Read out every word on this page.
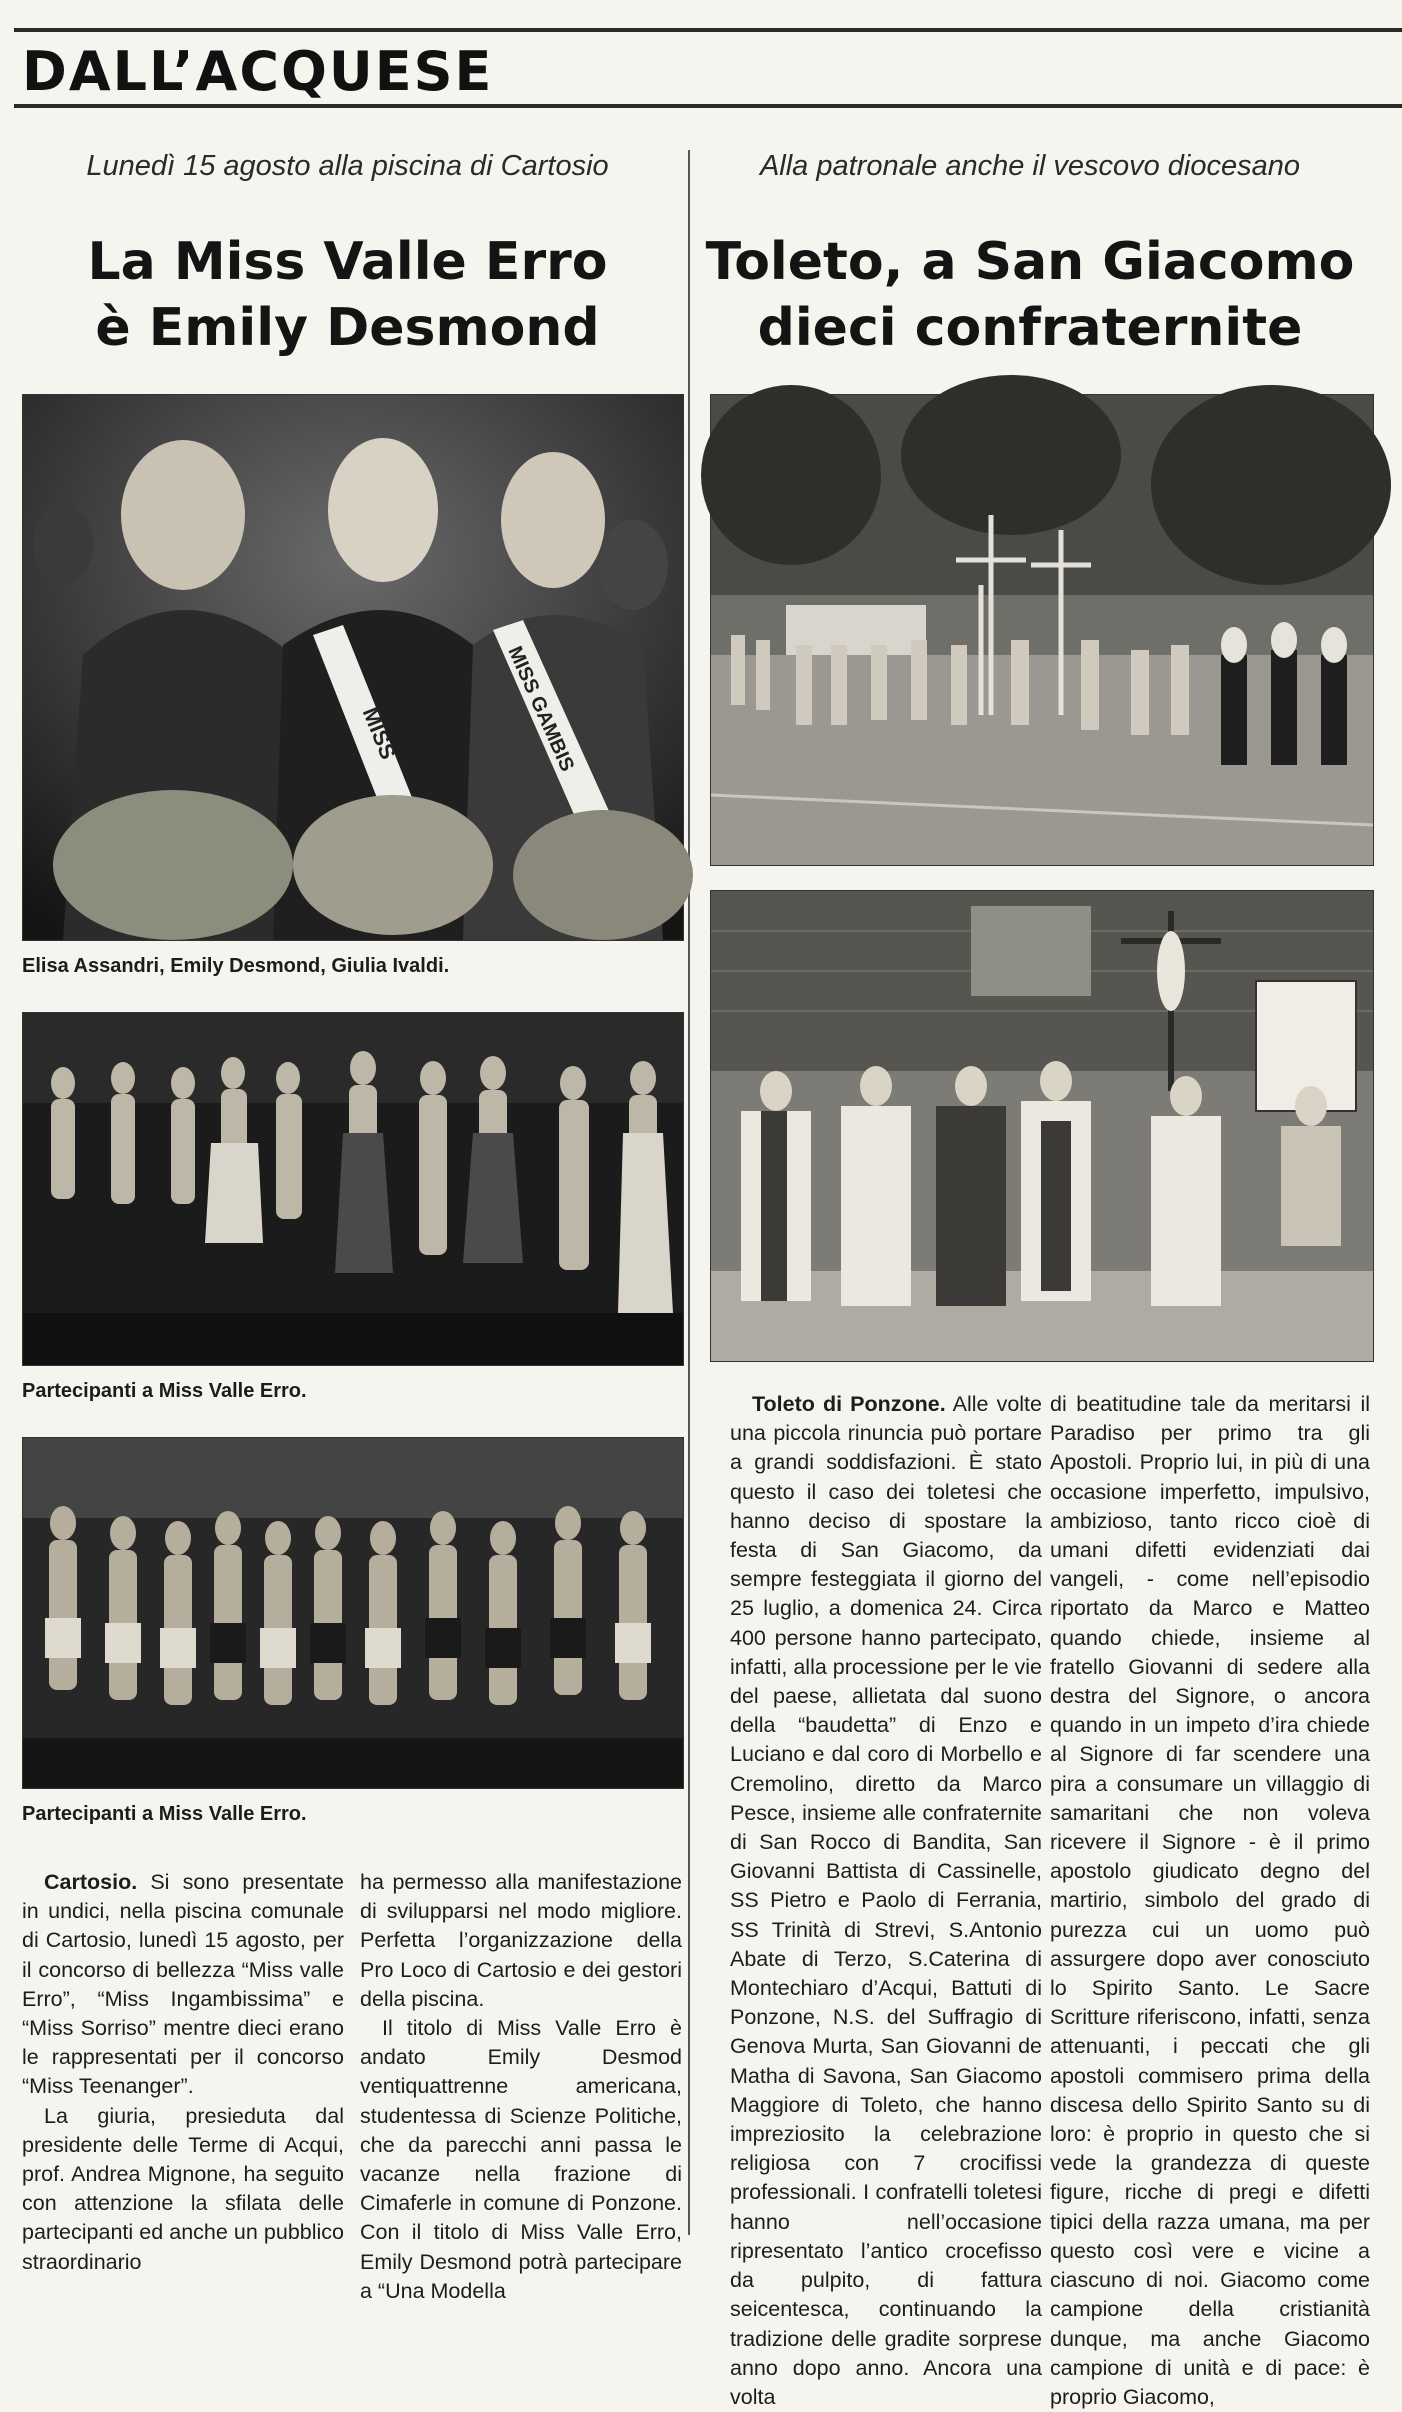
DALL’ACQUESE
Lunedì 15 agosto alla piscina di Cartosio
La Miss Valle Erro
è Emily Desmond
MISS	MISS GAMBIS
Elisa Assandri, Emily Desmond, Giulia Ivaldi.
Partecipanti a Miss Valle Erro.
Partecipanti a Miss Valle Erro.

Cartosio. Si sono presentate in undici, nella piscina comunale di Cartosio, lunedì 15 agosto, per il concorso di bellezza “Miss valle Erro”, “Miss Ingambissima” e “Miss Sorriso” mentre dieci erano le rappresentati per il concorso “Miss Teenanger”.

La giuria, presieduta dal presidente delle Terme di Acqui, prof. Andrea Mignone, ha seguito con attenzione la sfilata delle partecipanti ed anche un pubblico straordinario

ha permesso alla manifestazione di svilupparsi nel modo migliore. Perfetta l’organizzazione della Pro Loco di Cartosio e dei gestori della piscina.

Il titolo di Miss Valle Erro è andato Emily Desmod ventiquattrenne americana, studentessa di Scienze Politiche, che da parecchi anni passa le vacanze nella frazione di Cimaferle in comune di Ponzone. Con il titolo di Miss Valle Erro, Emily Desmond potrà partecipare a “Una Modella

Alla patronale anche il vescovo diocesano
Toleto, a San Giacomo
dieci confraternite

Toleto di Ponzone. Alle volte una piccola rinuncia può portare a grandi soddisfazioni. È stato questo il caso dei toletesi che hanno deciso di spostare la festa di San Giacomo, da sempre festeggiata il giorno del 25 luglio, a domenica 24. Circa 400 persone hanno partecipato, infatti, alla processione per le vie del paese, allietata dal suono della “baudetta” di Enzo e Luciano e dal coro di Morbello e Cremolino, diretto da Marco Pesce, insieme alle confraternite di San Rocco di Bandita, San Giovanni Battista di Cassinelle, SS Pietro e Paolo di Ferrania, SS Trinità di Strevi, S.Antonio Abate di Terzo, S.Caterina di Montechiaro d’Acqui, Battuti di Ponzone, N.S. del Suffragio di Genova Murta, San Giovanni de Matha di Savona, San Giacomo Maggiore di Toleto, che hanno impreziosito la celebrazione religiosa con 7 crocifissi professionali. I confratelli toletesi hanno nell’occasione ripresentato l’antico crocefisso da pulpito, di fattura seicentesca, continuando la tradizione delle gradite sorprese anno dopo anno. Ancora una volta

di beatitudine tale da meritarsi il Paradiso per primo tra gli Apostoli. Proprio lui, in più di una occasione imperfetto, impulsivo, ambizioso, tanto ricco cioè di umani difetti evidenziati dai vangeli, - come nell’episodio riportato da Marco e Matteo quando chiede, insieme al fratello Giovanni di sedere alla destra del Signore, o ancora quando in un impeto d’ira chiede al Signore di far scendere una pira a consumare un villaggio di samaritani che non voleva ricevere il Signore - è il primo apostolo giudicato degno del martirio, simbolo del grado di purezza cui un uomo può assurgere dopo aver conosciuto lo Spirito Santo. Le Sacre Scritture riferiscono, infatti, senza attenuanti, i peccati che gli apostoli commisero prima della discesa dello Spirito Santo su di loro: è proprio in questo che si vede la grandezza di queste figure, ricche di pregi e difetti tipici della razza umana, ma per questo così vere e vicine a ciascuno di noi. Giacomo come campione della cristianità dunque, ma anche Giacomo campione di unità e di pace: è proprio Giacomo,
